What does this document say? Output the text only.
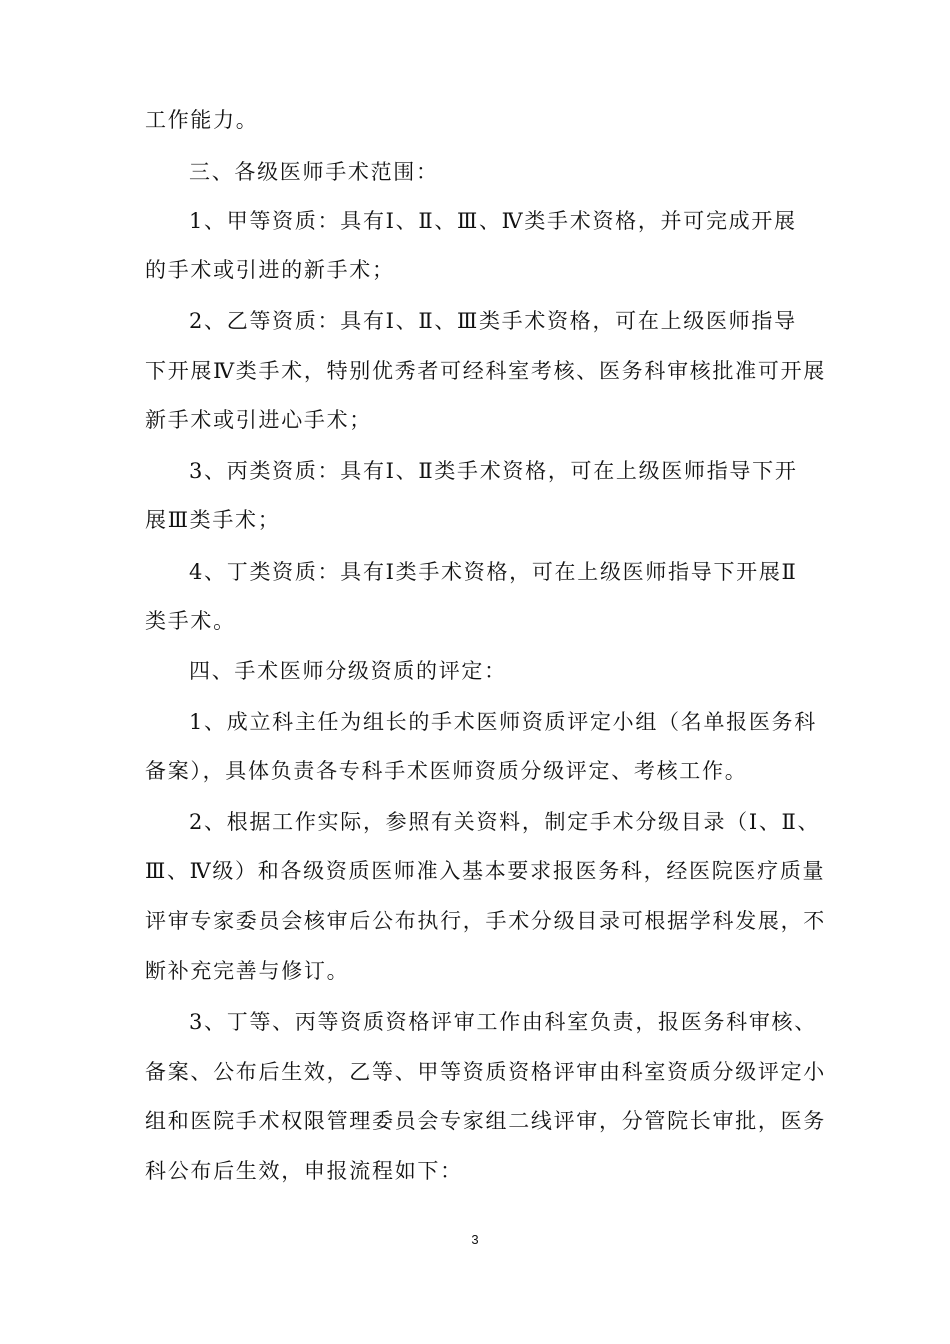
工作能力。
三、各级医师手术范围：
1、甲等资质：具有Ⅰ、Ⅱ、Ⅲ、Ⅳ类手术资格，并可完成开展
的手术或引进的新手术；
2、乙等资质：具有Ⅰ、Ⅱ、Ⅲ类手术资格，可在上级医师指导
下开展Ⅳ类手术，特别优秀者可经科室考核、医务科审核批准可开展
新手术或引进心手术；
3、丙类资质：具有Ⅰ、Ⅱ类手术资格，可在上级医师指导下开
展Ⅲ类手术；
4、丁类资质：具有Ⅰ类手术资格，可在上级医师指导下开展Ⅱ
类手术。
四、手术医师分级资质的评定：
1、成立科主任为组长的手术医师资质评定小组（名单报医务科
备案），具体负责各专科手术医师资质分级评定、考核工作。
2、根据工作实际，参照有关资料，制定手术分级目录（Ⅰ、Ⅱ、
Ⅲ、Ⅳ级）和各级资质医师准入基本要求报医务科，经医院医疗质量
评审专家委员会核审后公布执行，手术分级目录可根据学科发展，不
断补充完善与修订。
3、丁等、丙等资质资格评审工作由科室负责，报医务科审核、
备案、公布后生效，乙等、甲等资质资格评审由科室资质分级评定小
组和医院手术权限管理委员会专家组二线评审，分管院长审批，医务
科公布后生效，申报流程如下：
3
